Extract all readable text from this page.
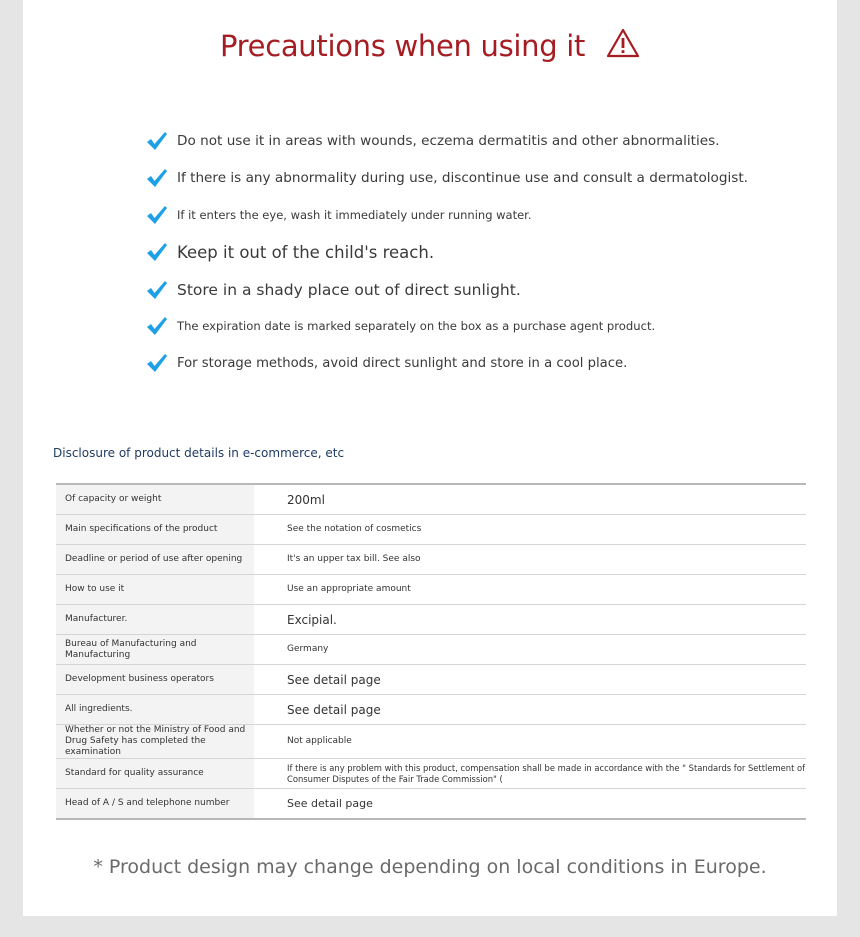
Precautions when using it
Do not use it in areas with wounds, eczema dermatitis and other abnormalities.
If there is any abnormality during use, discontinue use and consult a dermatologist.
If it enters the eye, wash it immediately under running water.
Keep it out of the child's reach.
Store in a shady place out of direct sunlight.
The expiration date is marked separately on the box as a purchase agent product.
For storage methods, avoid direct sunlight and store in a cool place.
Disclosure of product details in e-commerce, etc
Of capacity or weight	200ml
Main specifications of the product	See the notation of cosmetics
Deadline or period of use after opening	It's an upper tax bill. See also
How to use it	Use an appropriate amount
Manufacturer.	Excipial.
Bureau of Manufacturing and Manufacturing	Germany
Development business operators	See detail page
All ingredients.	See detail page
Whether or not the Ministry of Food and Drug Safety has completed the examination	Not applicable
Standard for quality assurance	If there is any problem with this product, compensation shall be made in accordance with the " Standards for Settlement of Consumer Disputes of the Fair Trade Commission" (
Head of A / S and telephone number	See detail page
* Product design may change depending on local conditions in Europe.
